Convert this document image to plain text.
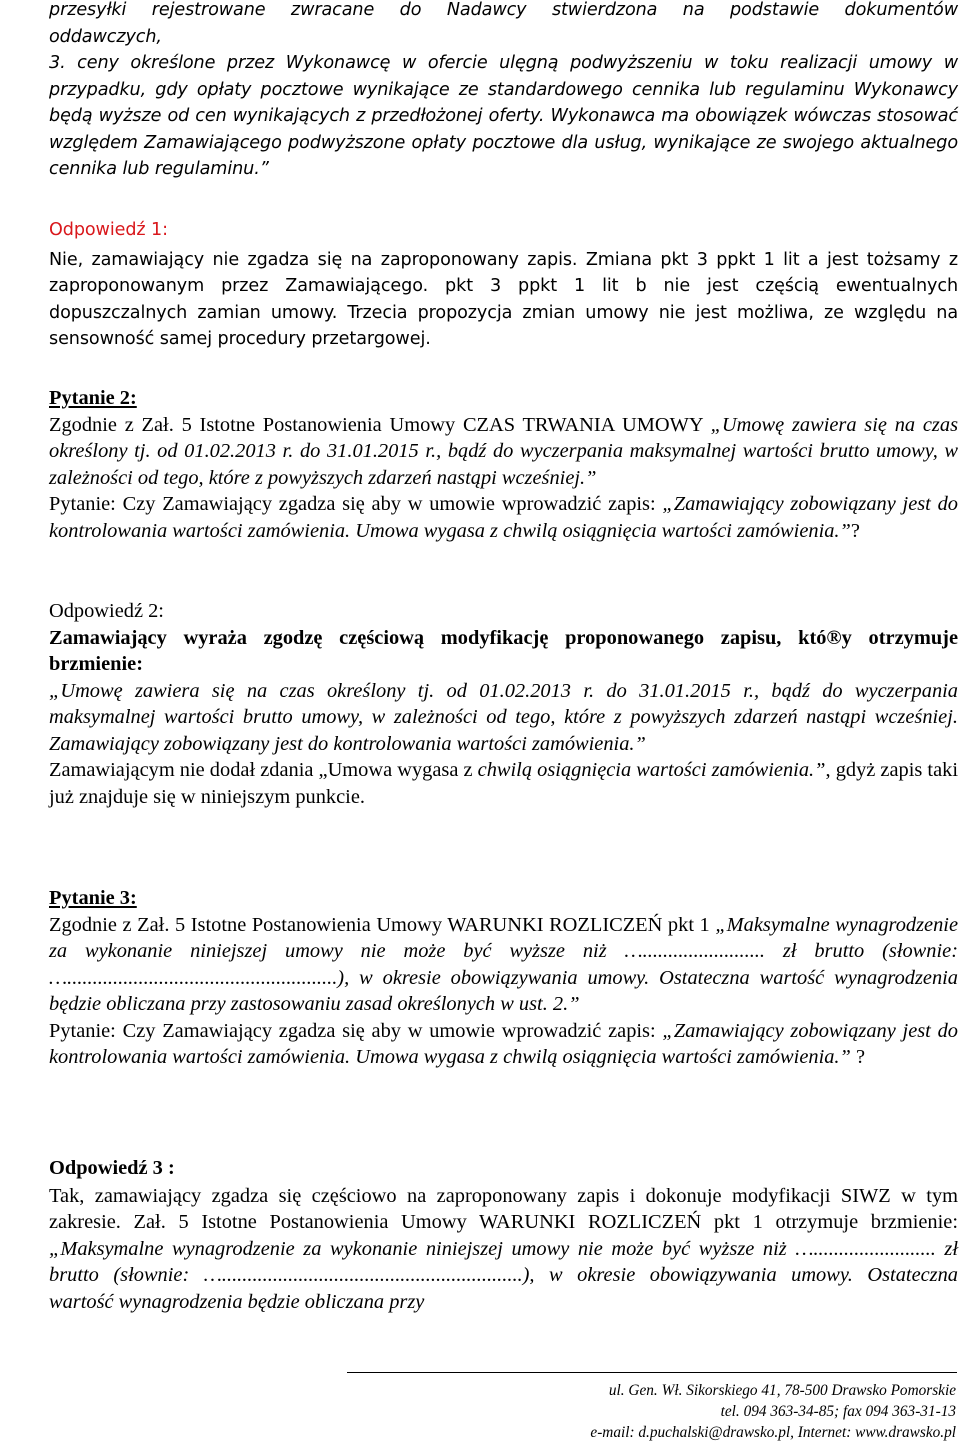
przesyłki rejestrowane zwracane do Nadawcy stwierdzona na podstawie dokumentów

oddawczych,

3. ceny określone przez Wykonawcę w ofercie ulęgną podwyższeniu w toku realizacji umowy w przypadku, gdy opłaty pocztowe wynikające ze standardowego cennika lub regulaminu Wykonawcy będą wyższe od cen wynikających z przedłożonej oferty. Wykonawca ma obowiązek wówczas stosować względem Zamawiającego podwyższone opłaty pocztowe dla usług, wynikające ze swojego aktualnego cennika lub regulaminu.”

Odpowiedź 1:

Nie, zamawiający nie zgadza się na zaproponowany zapis. Zmiana pkt 3 ppkt 1 lit a jest tożsamy z zaproponowanym przez Zamawiającego. pkt 3 ppkt 1 lit b nie jest częścią ewentualnych dopuszczalnych zamian umowy. Trzecia propozycja zmian umowy nie jest możliwa, ze względu na sensowność samej procedury przetargowej.

Pytanie 2:

Zgodnie z Zał. 5 Istotne Postanowienia Umowy CZAS TRWANIA UMOWY „Umowę zawiera się na czas określony tj. od 01.02.2013 r. do 31.01.2015 r., bądź do wyczerpania maksymalnej wartości brutto umowy, w zależności od tego, które z powyższych zdarzeń nastąpi wcześniej.”

Pytanie: Czy Zamawiający zgadza się aby w umowie wprowadzić zapis: „Zamawiający zobowiązany jest do kontrolowania wartości zamówienia. Umowa wygasa z chwilą osiągnięcia wartości zamówienia.”?

Odpowiedź 2:

Zamawiający wyraża zgodzę częściową modyfikację proponowanego zapisu, któ®y otrzymuje brzmienie:

„Umowę zawiera się na czas określony tj. od 01.02.2013 r. do 31.01.2015 r., bądź do wyczerpania maksymalnej wartości brutto umowy, w zależności od tego, które z powyższych zdarzeń nastąpi wcześniej. Zamawiający zobowiązany jest do kontrolowania wartości zamówienia.”

Zamawiającym nie dodał zdania „Umowa wygasa z chwilą osiągnięcia wartości zamówienia.”, gdyż zapis taki już znajduje się w niniejszym punkcie.

Pytanie 3:

Zgodnie z Zał. 5 Istotne Postanowienia Umowy WARUNKI ROZLICZEŃ pkt 1 „Maksymalne wynagrodzenie za wykonanie niniejszej umowy nie może być wyższe niż …........................ zł brutto (słownie: ….....................................................), w okresie obowiązywania umowy. Ostateczna wartość wynagrodzenia będzie obliczana przy zastosowaniu zasad określonych w ust. 2.”

Pytanie: Czy Zamawiający zgadza się aby w umowie wprowadzić zapis: „Zamawiający zobowiązany jest do kontrolowania wartości zamówienia. Umowa wygasa z chwilą osiągnięcia wartości zamówienia.” ?

Odpowiedź 3 :

Tak, zamawiający zgadza się częściowo na zaproponowany zapis i dokonuje modyfikacji SIWZ w tym zakresie. Zał. 5 Istotne Postanowienia Umowy WARUNKI ROZLICZEŃ pkt 1 otrzymuje brzmienie: „Maksymalne wynagrodzenie za wykonanie niniejszej umowy nie może być wyższe niż …........................ zł brutto (słownie: …...........................................................), w okresie obowiązywania umowy. Ostateczna wartość wynagrodzenia będzie obliczana przy

ul. Gen. Wł. Sikorskiego 41, 78-500 Drawsko Pomorskie
tel. 094 363-34-85; fax 094 363-31-13
e-mail: d.puchalski@drawsko.pl, Internet: www.drawsko.pl
